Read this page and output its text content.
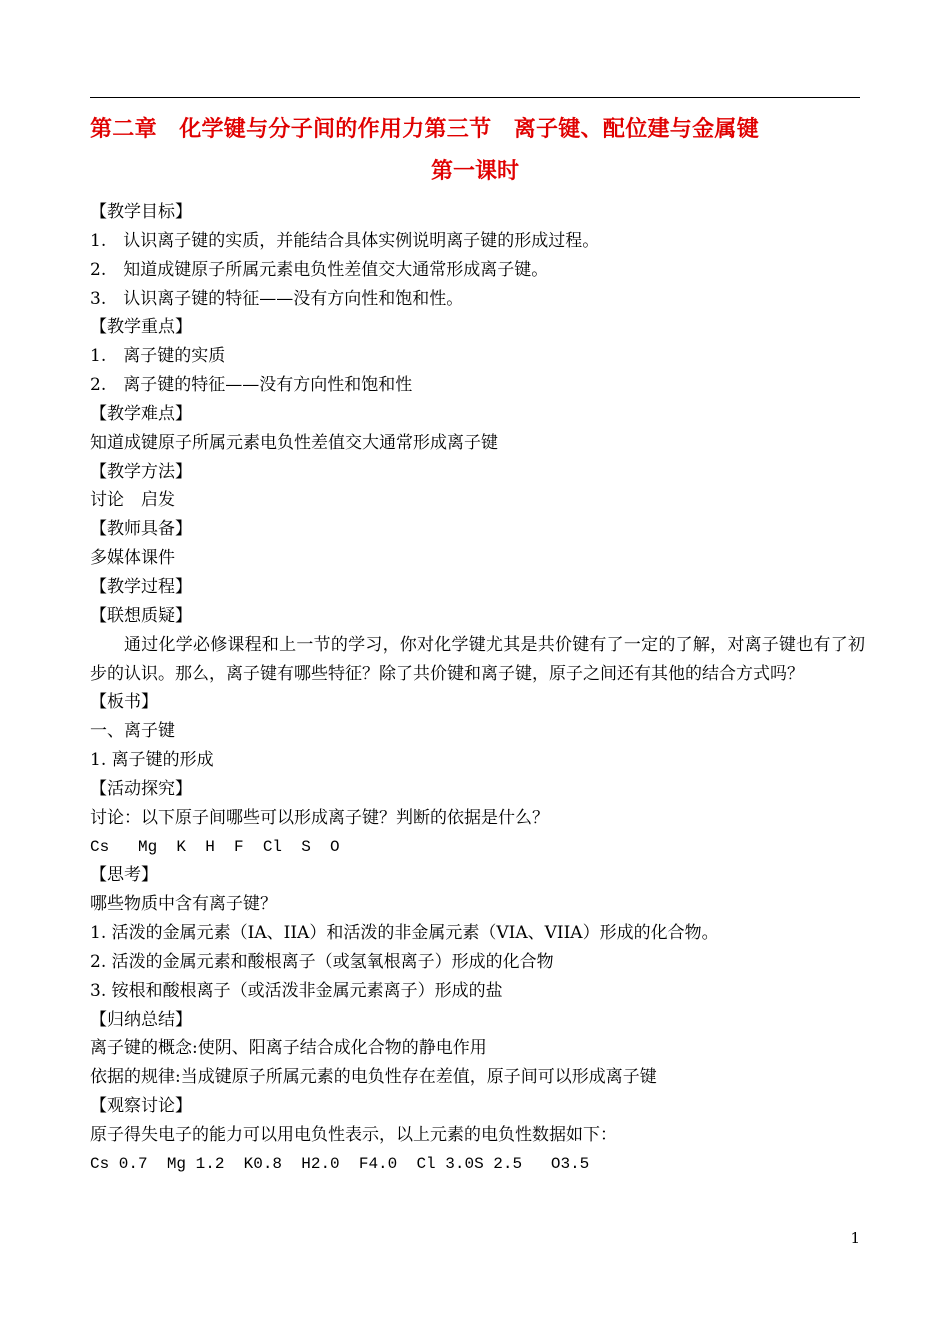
第二章　化学键与分子间的作用力第三节　离子键、配位建与金属键
第一课时
【教学目标】
1.　认识离子键的实质，并能结合具体实例说明离子键的形成过程。
2.　知道成键原子所属元素电负性差值交大通常形成离子键。
3.　认识离子键的特征——没有方向性和饱和性。
【教学重点】
1.　离子键的实质
2.　离子键的特征——没有方向性和饱和性
【教学难点】
知道成键原子所属元素电负性差值交大通常形成离子键
【教学方法】
讨论　启发
【教师具备】
多媒体课件
【教学过程】
【联想质疑】
通过化学必修课程和上一节的学习，你对化学键尤其是共价键有了一定的了解，对离子键也有了初步的认识。那么，离子键有哪些特征？除了共价键和离子键，原子之间还有其他的结合方式吗？
【板书】
一、离子键
1. 离子键的形成
【活动探究】
讨论：以下原子间哪些可以形成离子键？判断的依据是什么？
Cs   Mg  K  H  F  Cl  S  O
【思考】
哪些物质中含有离子键？
1. 活泼的金属元素（IA、IIA）和活泼的非金属元素（VIA、VIIA）形成的化合物。
2. 活泼的金属元素和酸根离子（或氢氧根离子）形成的化合物
3. 铵根和酸根离子（或活泼非金属元素离子）形成的盐
【归纳总结】
离子键的概念:使阴、阳离子结合成化合物的静电作用
依据的规律:当成键原子所属元素的电负性存在差值，原子间可以形成离子键
【观察讨论】
原子得失电子的能力可以用电负性表示，以上元素的电负性数据如下：
Cs 0.7  Mg 1.2  K0.8  H2.0  F4.0  Cl 3.0S 2.5   O3.5
1
